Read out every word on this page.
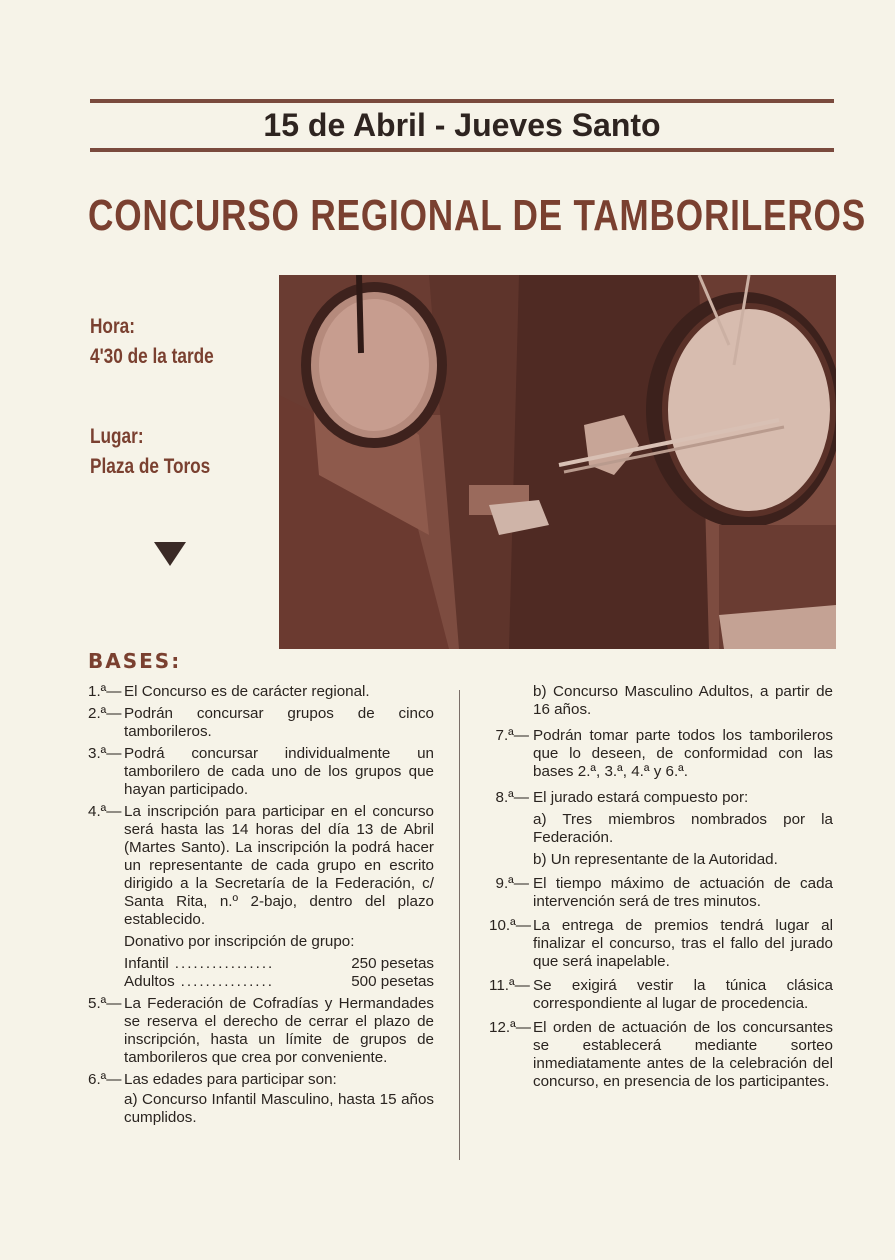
15 de Abril - Jueves Santo
CONCURSO REGIONAL DE TAMBORILEROS
Hora:
4'30 de la tarde
Lugar:
Plaza de Toros
BASES:
1.ª— El Concurso es de carácter regional.
2.ª— Podrán concursar grupos de cinco tamborileros.
3.ª— Podrá concursar individualmente un tamborilero de cada uno de los grupos que hayan participado.
4.ª— La inscripción para participar en el concurso será hasta las 14 horas del día 13 de Abril (Martes Santo). La inscripción la podrá hacer un representante de cada grupo en escrito dirigido a la Secretaría de la Federación, c/ Santa Rita, n.º 2-bajo, dentro del plazo establecido.
Donativo por inscripción de grupo:
Infantil ................	250 pesetas
Adultos ...............	500 pesetas
5.ª— La Federación de Cofradías y Hermandades se reserva el derecho de cerrar el plazo de inscripción, hasta un límite de grupos de tamborileros que crea por conveniente.
6.ª— Las edades para participar son:
a) Concurso Infantil Masculino, hasta 15 años cumplidos.
b) Concurso Masculino Adultos, a partir de 16 años.
7.ª— Podrán tomar parte todos los tamborileros que lo deseen, de conformidad con las bases 2.ª, 3.ª, 4.ª y 6.ª.
8.ª— El jurado estará compuesto por:
a) Tres miembros nombrados por la Federación.
b) Un representante de la Autoridad.
9.ª— El tiempo máximo de actuación de cada intervención será de tres minutos.
10.ª— La entrega de premios tendrá lugar al finalizar el concurso, tras el fallo del jurado que será inapelable.
11.ª— Se exigirá vestir la túnica clásica correspondiente al lugar de procedencia.
12.ª— El orden de actuación de los concursantes se establecerá mediante sorteo inmediatamente antes de la celebración del concurso, en presencia de los participantes.
